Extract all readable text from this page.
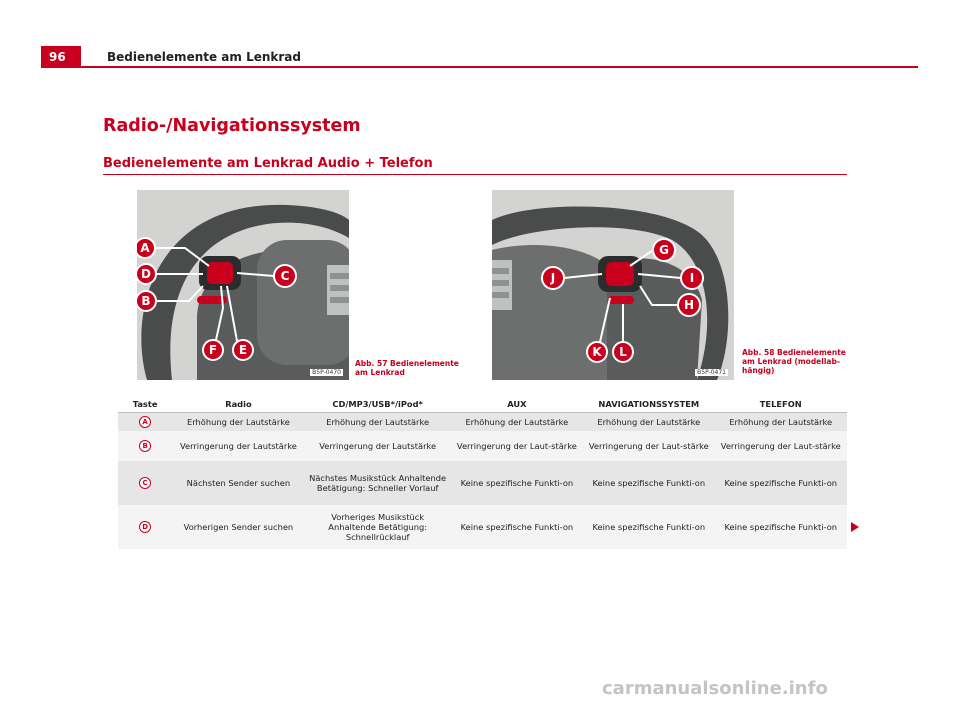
96	Bedienelemente am Lenkrad
Radio-/Navigationssystem
Bedienelemente am Lenkrad Audio + Telefon
A
D
B
C
F E
B5P-0470
Abb. 57 Bedienelemente am Lenkrad
G
J	I
H
K L
B5P-0471
Abb. 58 Bedienelemente am Lenkrad (modellab-hängig)
Taste	Radio	CD/MP3/USB*/iPod*	AUX	NAVIGATIONSSYSTEM	TELEFON
A	Erhöhung der Lautstärke	Erhöhung der Lautstärke	Erhöhung der Lautstärke	Erhöhung der Lautstärke	Erhöhung der Lautstärke
B	Verringerung der Lautstärke	Verringerung der Lautstärke	Verringerung der Laut-stärke	Verringerung der Laut-stärke	Verringerung der Laut-stärke
C	Nächsten Sender suchen	Nächstes Musikstück Anhaltende Betätigung: Schneller Vorlauf	Keine spezifische Funkti-on	Keine spezifische Funkti-on	Keine spezifische Funkti-on
D	Vorherigen Sender suchen	Vorheriges Musikstück Anhaltende Betätigung: Schnellrücklauf	Keine spezifische Funkti-on	Keine spezifische Funkti-on	Keine spezifische Funkti-on
carmanualsonline.info
